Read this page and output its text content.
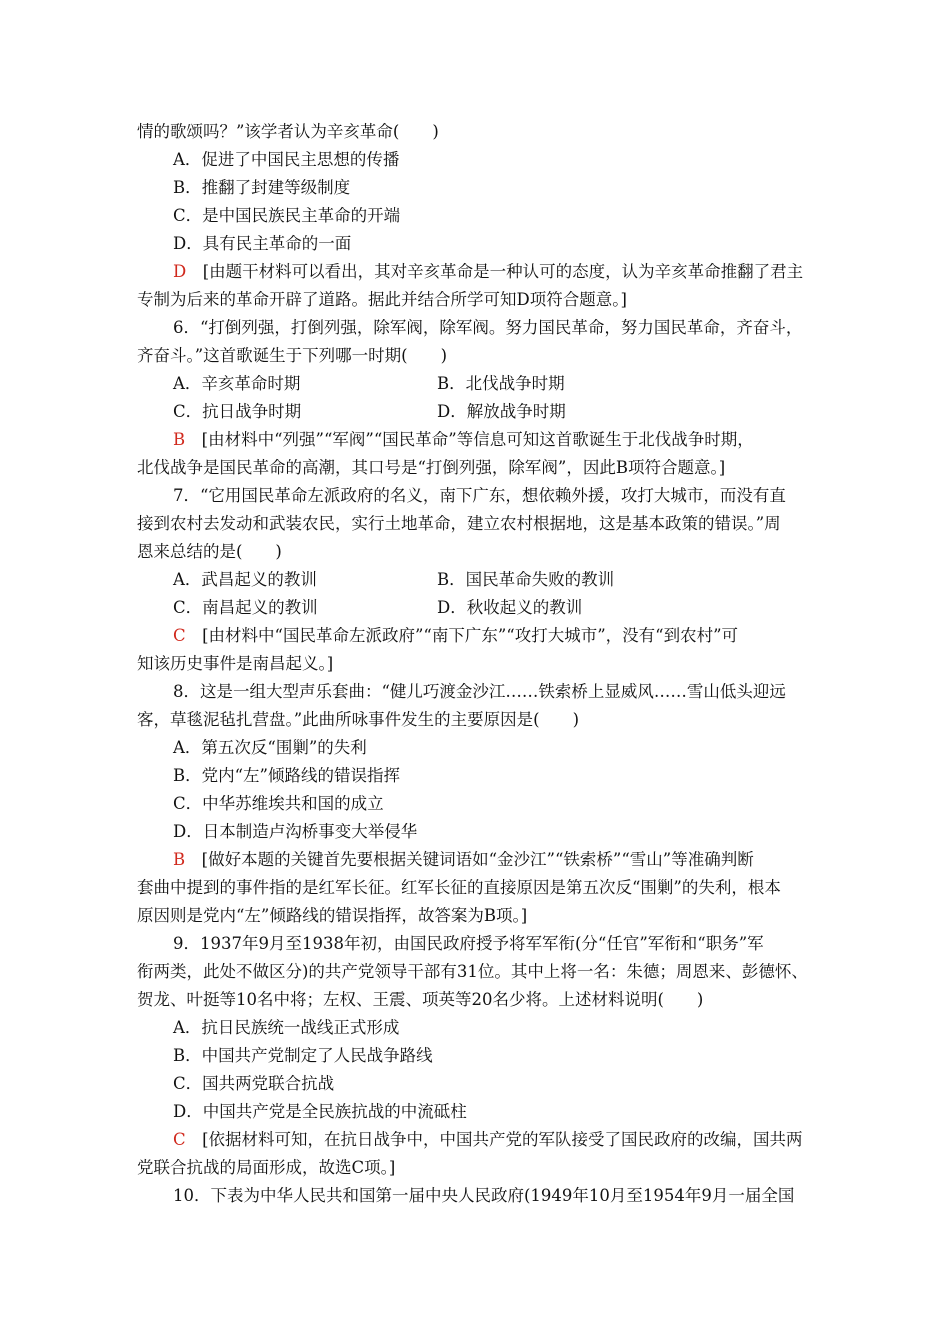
情的歌颂吗？”该学者认为辛亥革命(　　)
A．促进了中国民主思想的传播
B．推翻了封建等级制度
C．是中国民族民主革命的开端
D．具有民主革命的一面
D　 [由题干材料可以看出，其对辛亥革命是一种认可的态度，认为辛亥革命推翻了君主
专制为后来的革命开辟了道路。据此并结合所学可知D项符合题意。]
6．“打倒列强，打倒列强，除军阀，除军阀。努力国民革命，努力国民革命，齐奋斗，
齐奋斗。”这首歌诞生于下列哪一时期(　　)
A．辛亥革命时期	B．北伐战争时期
C．抗日战争时期	D．解放战争时期
B　 [由材料中“列强”“军阀”“国民革命”等信息可知这首歌诞生于北伐战争时期，
北伐战争是国民革命的高潮，其口号是“打倒列强，除军阀”，因此B项符合题意。]
7．“它用国民革命左派政府的名义，南下广东，想依赖外援，攻打大城市，而没有直
接到农村去发动和武装农民，实行土地革命，建立农村根据地，这是基本政策的错误。”周
恩来总结的是(　　)
A．武昌起义的教训	B．国民革命失败的教训
C．南昌起义的教训	D．秋收起义的教训
C　 [由材料中“国民革命左派政府”“南下广东”“攻打大城市”，没有“到农村”可
知该历史事件是南昌起义。]
8．这是一组大型声乐套曲：“健儿巧渡金沙江……铁索桥上显威风……雪山低头迎远
客，草毯泥毡扎营盘。”此曲所咏事件发生的主要原因是(　　)
A．第五次反“围剿”的失利
B．党内“左”倾路线的错误指挥
C．中华苏维埃共和国的成立
D．日本制造卢沟桥事变大举侵华
B　 [做好本题的关键首先要根据关键词语如“金沙江”“铁索桥”“雪山”等准确判断
套曲中提到的事件指的是红军长征。红军长征的直接原因是第五次反“围剿”的失利，根本
原因则是党内“左”倾路线的错误指挥，故答案为B项。]
9．1937年9月至1938年初，由国民政府授予将军军衔(分“任官”军衔和“职务”军
衔两类，此处不做区分)的共产党领导干部有31位。其中上将一名：朱德；周恩来、彭德怀、
贺龙、叶挺等10名中将；左权、王震、项英等20名少将。上述材料说明(　　)
A．抗日民族统一战线正式形成
B．中国共产党制定了人民战争路线
C．国共两党联合抗战
D．中国共产党是全民族抗战的中流砥柱
C　 [依据材料可知，在抗日战争中，中国共产党的军队接受了国民政府的改编，国共两
党联合抗战的局面形成，故选C项。]
10．下表为中华人民共和国第一届中央人民政府(1949年10月至1954年9月一届全国
